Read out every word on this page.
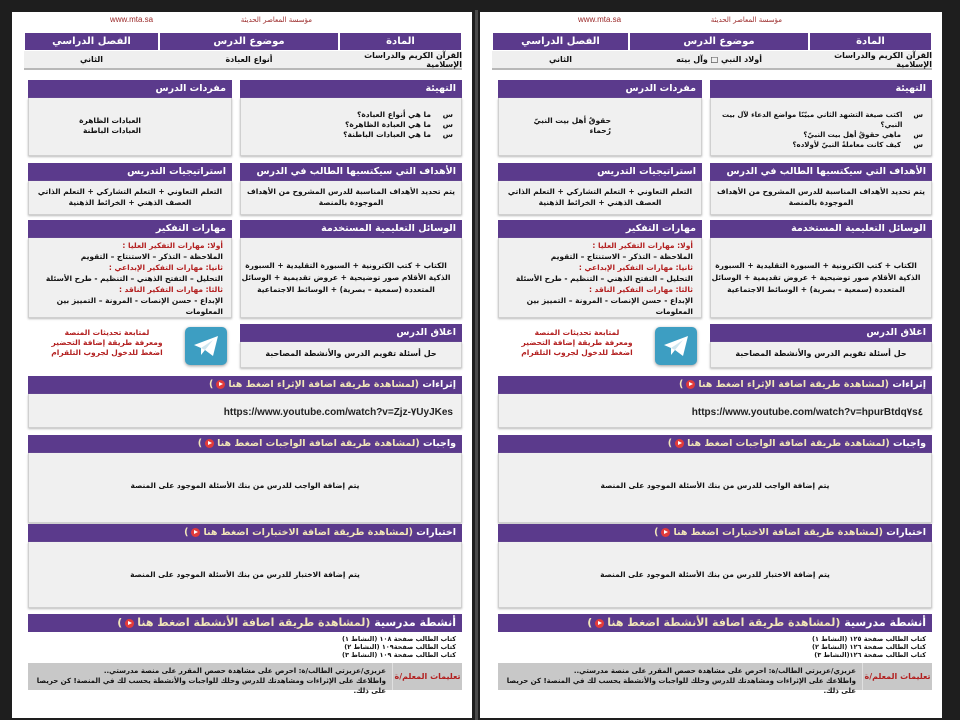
مؤسسة المعاصر الحديثة
www.mta.sa
المادة
موضوع الدرس
الفصل الدراسي
القرآن الكريم والدراسات الإسلامية
أنواع العبادة
الثاني
التهيئة
س
ما هي أنواع العبادة؟
س
ما هي العبادة الظاهرة؟
س
ما هي العبادات الباطنة؟
مفردات الدرس
العبادات الظاهرة
العبادات الباطنة
الأهداف التي سيكتسبها الطالب في الدرس
يتم تحديد الأهداف المناسبة للدرس المشروح من الأهداف الموجودة بالمنصة
استراتيجيات التدريس
التعلم التعاوني + التعلم التشاركي + التعلم الذاتي العصف الذهني + الخرائط الذهنية
الوسائل التعليمية المستخدمة
الكتاب + كتب الكترونية + السبورة التقليدية + السبورة الذكية الأقلام صور توضيحية + عروض تقديمية + الوسائل المتعددة (سمعية – بصرية) + الوسائط الاجتماعية
مهارات التفكير
أولا: مهارات التفكير العليا :
الملاحظة – التذكر – الاستنتاج – التقويم
ثانيا: مهارات التفكير الإبداعي :
التحليل – التفتح الذهني – التنظيم - طرح الأسئلة
ثالثا: مهارات التفكير الناقد :
الإبداع - حسن الإنصات - المرونة – التمييز بين المعلومات
اغلاق الدرس
حل أسئلة تقويم الدرس والأنشطة المصاحبة
لمتابعة تحديثات المنصة
ومعرفة طريقة إضافة التحضير
اضغط للدخول لجروب التلقرام
إثراءات (لمشاهدة طريقة اضافة الإثراء اضغط هنا)
https://www.youtube.com/watch?v=Zjz-٧UyJKes
واجبات (لمشاهدة طريقة اضافة الواجبات اضغط هنا)
يتم إضافة الواجب للدرس من بنك الأسئلة الموجود على المنصة
اختبارات (لمشاهدة طريقة اضافة الاختبارات اضغط هنا)
يتم إضافة الاختبار للدرس من بنك الأسئلة الموجود على المنصة
أنشطة مدرسية (لمشاهدة طريقة اضافة الأنشطة اضغط هنا)
كتاب الطالب صفحة ١٠٨ (النشاط ١)
كتاب الطالب صفحة١٠٩ (النشاط ٢)
كتاب الطالب صفحة ١٠٩ (النشاط ٣)
تعليمات المعلم/ة
عزيزي/عزيزتي الطالب/ة: احرص على مشاهدة حصص المقرر على منصة مدرستي..
واطلاعك على الإثراءات ومشاهدتك للدرس وحلك للواجبات والأنشطة يحسب لك في المنصة! كن حريصا على ذلك.
مؤسسة المعاصر الحديثة
www.mta.sa
المادة
موضوع الدرس
الفصل الدراسي
القرآن الكريم والدراسات الإسلامية
أولاد النبي □ وآل بيته
الثاني
التهيئة
س
اكتب صيغة التشهد الثاني مبيّنًا مواضع الدعاء لآل بيت النبي؟
س
ماهي حقوقُ أهل بيت النبيّ؟
س
كيف كانت معاملةُ النبيّ لأولاده؟
مفردات الدرس
حقوقُ أهل بيت النبيّ
رُحماء
الأهداف التي سيكتسبها الطالب في الدرس
يتم تحديد الأهداف المناسبة للدرس المشروح من الأهداف الموجودة بالمنصة
استراتيجيات التدريس
التعلم التعاوني + التعلم التشاركي + التعلم الذاتي العصف الذهني + الخرائط الذهنية
الوسائل التعليمية المستخدمة
الكتاب + كتب الكترونية + السبورة التقليدية + السبورة الذكية الأقلام صور توضيحية + عروض تقديمية + الوسائل المتعددة (سمعية – بصرية) + الوسائط الاجتماعية
مهارات التفكير
أولا: مهارات التفكير العليا :
الملاحظة – التذكر – الاستنتاج – التقويم
ثانيا: مهارات التفكير الإبداعي :
التحليل – التفتح الذهني – التنظيم - طرح الأسئلة
ثالثا: مهارات التفكير الناقد :
الإبداع - حسن الإنصات - المرونة – التمييز بين المعلومات
اغلاق الدرس
حل أسئلة تقويم الدرس والأنشطة المصاحبة
لمتابعة تحديثات المنصة
ومعرفة طريقة إضافة التحضير
اضغط للدخول لجروب التلقرام
إثراءات (لمشاهدة طريقة اضافة الإثراء اضغط هنا)
https://www.youtube.com/watch?v=hpurBtdq٧s٤
واجبات (لمشاهدة طريقة اضافة الواجبات اضغط هنا)
يتم إضافة الواجب للدرس من بنك الأسئلة الموجود على المنصة
اختبارات (لمشاهدة طريقة اضافة الاختبارات اضغط هنا)
يتم إضافة الاختبار للدرس من بنك الأسئلة الموجود على المنصة
أنشطة مدرسية (لمشاهدة طريقة اضافة الأنشطة اضغط هنا)
كتاب الطالب صفحة ١٢٥ (النشاط ١)
كتاب الطالب صفحة ١٢٦ (النشاط ٢)
كتاب الطالب صفحة ١٢٦(النشاط ٣)
تعليمات المعلم/ة
عزيزي/عزيزتي الطالب/ة: احرص على مشاهدة حصص المقرر على منصة مدرستي..
واطلاعك على الإثراءات ومشاهدتك للدرس وحلك للواجبات والأنشطة يحسب لك في المنصة! كن حريصا على ذلك.
